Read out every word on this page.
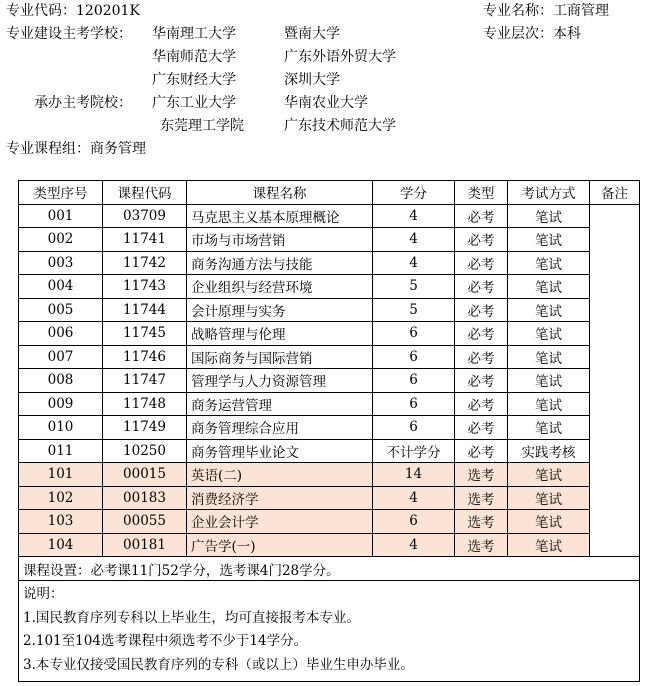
专业代码：120201K	专业名称：工商管理
专业建设主考学校： 华南理工大学	暨南大学	专业层次：本科
华南师范大学	广东外语外贸大学
广东财经大学	深圳大学
承办主考院校： 广东工业大学	华南农业大学
东莞理工学院	广东技术师范大学
专业课程组：商务管理
类型序号	课程代码	课程名称	学分	类型	考试方式	备注
001	03709	马克思主义基本原理概论	4	必考	笔试	
002	11741	市场与市场营销	4	必考	笔试	
003	11742	商务沟通方法与技能	4	必考	笔试	
004	11743	企业组织与经营环境	5	必考	笔试	
005	11744	会计原理与实务	5	必考	笔试	
006	11745	战略管理与伦理	6	必考	笔试	
007	11746	国际商务与国际营销	6	必考	笔试	
008	11747	管理学与人力资源管理	6	必考	笔试	
009	11748	商务运营管理	6	必考	笔试	
010	11749	商务管理综合应用	6	必考	笔试	
011	10250	商务管理毕业论文	不计学分	必考	实践考核	
101	00015	英语(二)	14	选考	笔试	
102	00183	消费经济学	4	选考	笔试	
103	00055	企业会计学	6	选考	笔试	
104	00181	广告学(一)	4	选考	笔试	
课程设置：必考课11门52学分，选考课4门28学分。						

说明：
1.国民教育序列专科以上毕业生，均可直接报考本专业。
2.101至104选考课程中须选考不少于14学分。
3.本专业仅接受国民教育序列的专科（或以上）毕业生申办毕业。						
